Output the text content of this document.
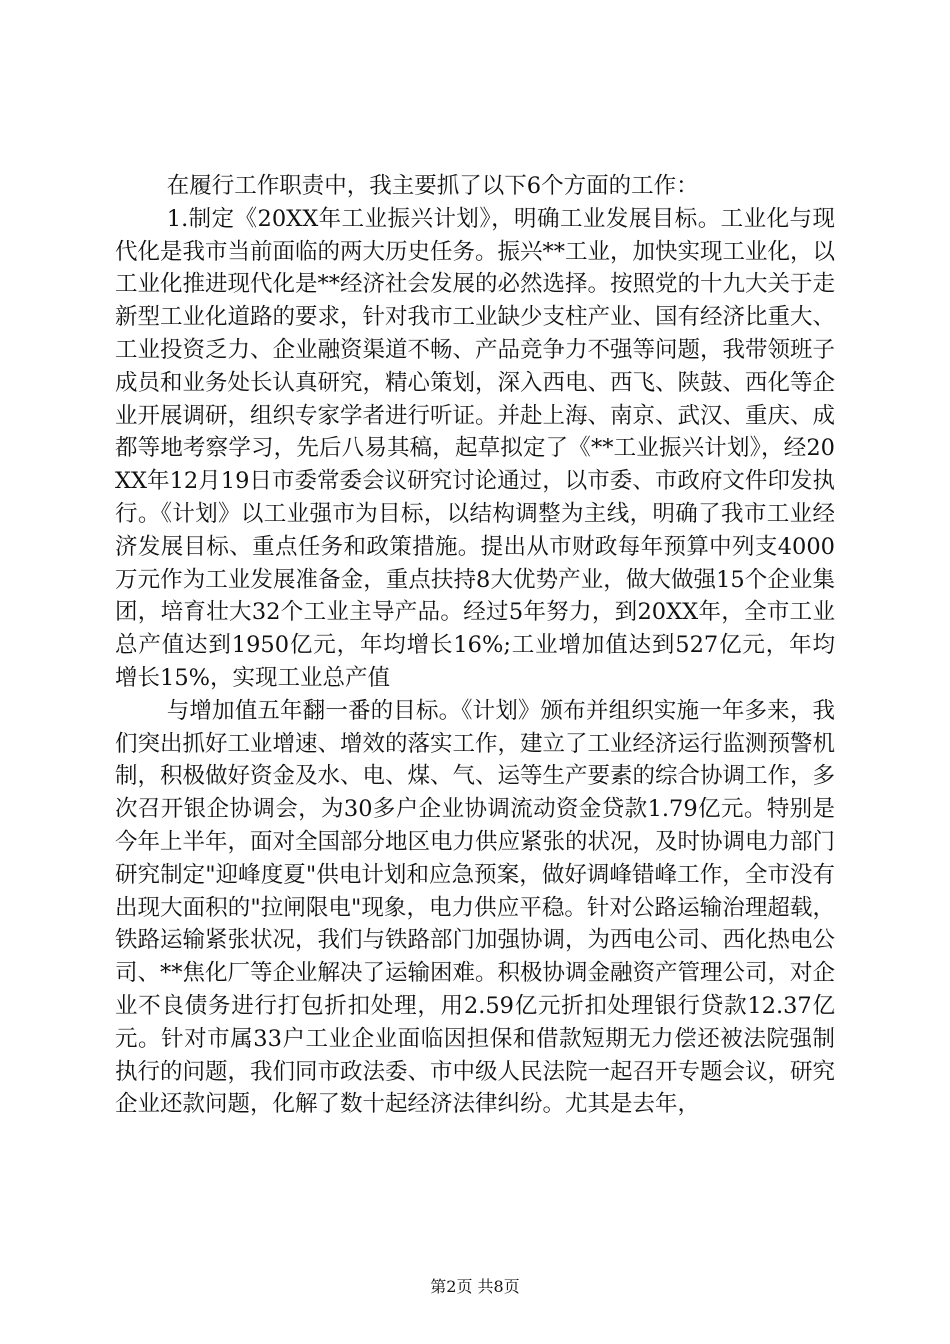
在履行工作职责中，我主要抓了以下6个方面的工作：

1.制定《20XX年工业振兴计划》，明确工业发展目标。工业化与现代化是我市当前面临的两大历史任务。振兴**工业，加快实现工业化，以工业化推进现代化是**经济社会发展的必然选择。按照党的十九大关于走新型工业化道路的要求，针对我市工业缺少支柱产业、国有经济比重大、工业投资乏力、企业融资渠道不畅、产品竞争力不强等问题，我带领班子成员和业务处长认真研究，精心策划，深入西电、西飞、陕鼓、西化等企业开展调研，组织专家学者进行听证。并赴上海、南京、武汉、重庆、成都等地考察学习，先后八易其稿，起草拟定了《**工业振兴计划》，经20XX年12月19日市委常委会议研究讨论通过，以市委、市政府文件印发执行。《计划》以工业强市为目标，以结构调整为主线，明确了我市工业经济发展目标、重点任务和政策措施。提出从市财政每年预算中列支4000万元作为工业发展准备金，重点扶持8大优势产业，做大做强15个企业集团，培育壮大32个工业主导产品。经过5年努力，到20XX年，全市工业总产值达到1950亿元，年均增长16%;工业增加值达到527亿元，年均增长15%，实现工业总产值

与增加值五年翻一番的目标。《计划》颁布并组织实施一年多来，我们突出抓好工业增速、增效的落实工作，建立了工业经济运行监测预警机制，积极做好资金及水、电、煤、气、运等生产要素的综合协调工作，多次召开银企协调会，为30多户企业协调流动资金贷款1.79亿元。特别是今年上半年，面对全国部分地区电力供应紧张的状况，及时协调电力部门研究制定"迎峰度夏"供电计划和应急预案，做好调峰错峰工作，全市没有出现大面积的"拉闸限电"现象，电力供应平稳。针对公路运输治理超载，铁路运输紧张状况，我们与铁路部门加强协调，为西电公司、西化热电公司、**焦化厂等企业解决了运输困难。积极协调金融资产管理公司，对企业不良债务进行打包折扣处理，用2.59亿元折扣处理银行贷款12.37亿元。针对市属33户工业企业面临因担保和借款短期无力偿还被法院强制执行的问题，我们同市政法委、市中级人民法院一起召开专题会议，研究企业还款问题，化解了数十起经济法律纠纷。尤其是去年，

第2页 共8页
